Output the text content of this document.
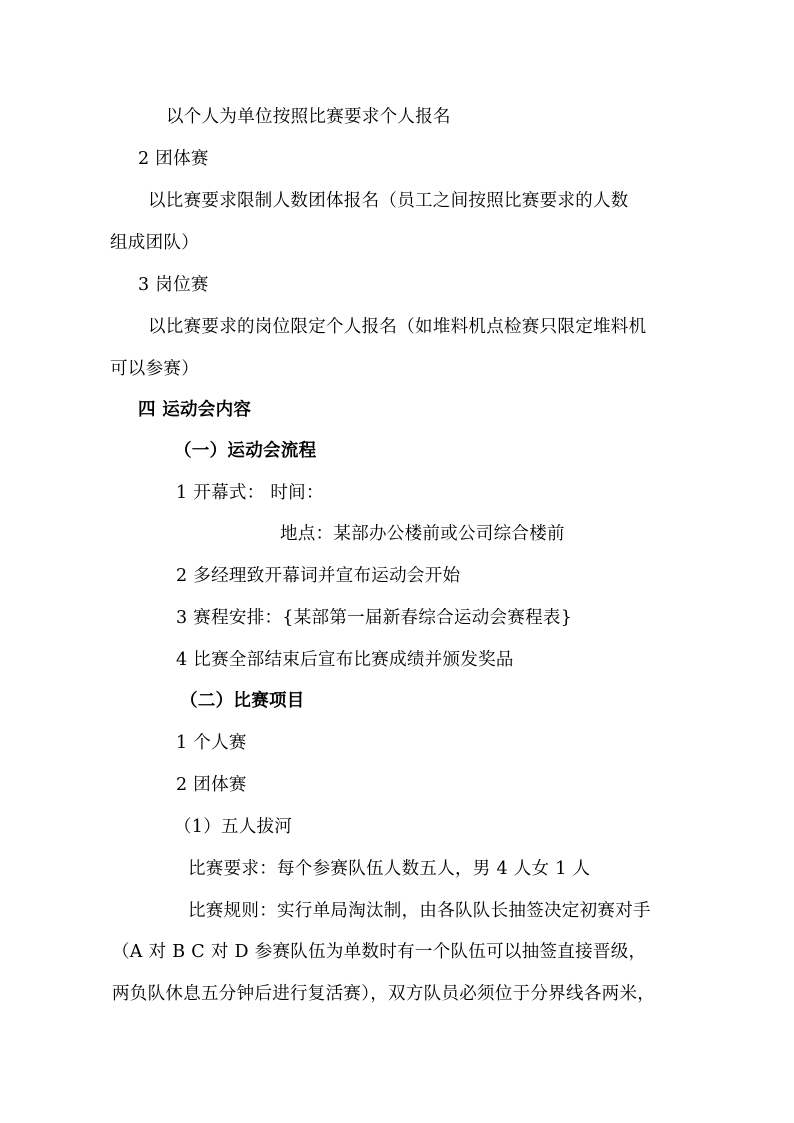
以个人为单位按照比赛要求个人报名
2 团体赛
以比赛要求限制人数团体报名（员工之间按照比赛要求的人数
组成团队）
3 岗位赛
以比赛要求的岗位限定个人报名（如堆料机点检赛只限定堆料机
可以参赛）
四 运动会内容
（一）运动会流程
1 开幕式： 时间：
地点：某部办公楼前或公司综合楼前
2 多经理致开幕词并宣布运动会开始
3 赛程安排：{某部第一届新春综合运动会赛程表}
4 比赛全部结束后宣布比赛成绩并颁发奖品
（二）比赛项目
1 个人赛
2 团体赛
（1）五人拔河
比赛要求：每个参赛队伍人数五人，男 4 人女 1 人
比赛规则：实行单局淘汰制，由各队队长抽签决定初赛对手
（A 对 B C 对 D 参赛队伍为单数时有一个队伍可以抽签直接晋级，
两负队休息五分钟后进行复活赛），双方队员必须位于分界线各两米，
